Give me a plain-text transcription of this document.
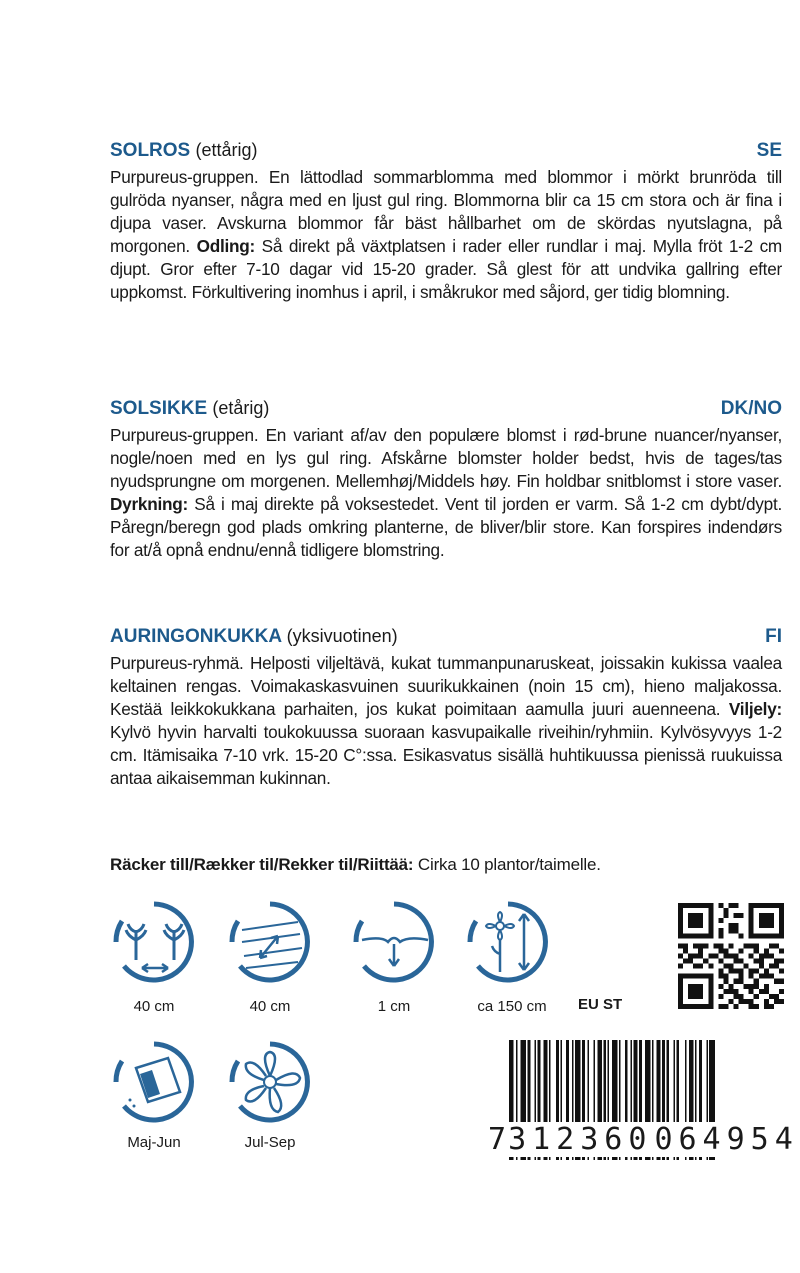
SOLROS (ettårig)	SE
Purpureus-gruppen. En lättodlad sommarblomma med blommor i mörkt brunröda till gulröda nyanser, några med en ljust gul ring. Blommorna blir ca 15 cm stora och är fina i djupa vaser. Avskurna blommor får bäst hållbarhet om de skördas nyutslagna, på morgonen. Odling: Så direkt på växtplatsen i rader eller rundlar i maj. Mylla fröt 1-2 cm djupt. Gror efter 7-10 dagar vid 15-20 grader. Så glest för att undvika gallring efter uppkomst. Förkultivering inomhus i april, i småkrukor med såjord, ger tidig blomning.
SOLSIKKE (etårig)	DK/NO
Purpureus-gruppen. En variant af/av den populære blomst i rød-brune nuancer/nyanser, nogle/noen med en lys gul ring. Afskårne blomster holder bedst, hvis de tages/tas nyudsprungne om morgenen. Mellemhøj/Middels høy. Fin holdbar snitblomst i store vaser. Dyrkning: Så i maj direkte på voksestedet. Vent til jorden er varm. Så 1-2 cm dybt/dypt. Påregn/beregn god plads omkring planterne, de bliver/blir store. Kan forspires indendørs for at/å opnå endnu/ennå tidligere blomstring.
AURINGONKUKKA (yksivuotinen)	FI
Purpureus-ryhmä. Helposti viljeltävä, kukat tummanpunaruskeat, joissakin kukissa vaalea keltainen rengas. Voimakaskasvuinen suurikukkainen (noin 15 cm), hieno maljakossa. Kestää leikkokukkana parhaiten, jos kukat poimitaan aamulla juuri auenneena. Viljely: Kylvö hyvin harvalti toukokuussa suoraan kasvupaikalle riveihin/ryhmiin. Kylvösyvyys 1-2 cm. Itämisaika 7-10 vrk. 15-20 C°:ssa. Esikasvatus sisällä huhtikuussa pienissä ruukuissa antaa aikaisemman kukinnan.
Räcker till/Rækker til/Rekker til/Riittää: Cirka 10 plantor/taimelle.
40 cm	40 cm	1 cm	ca 150 cm	EU ST
Maj-Jun	Jul-Sep	7 312360 064954
